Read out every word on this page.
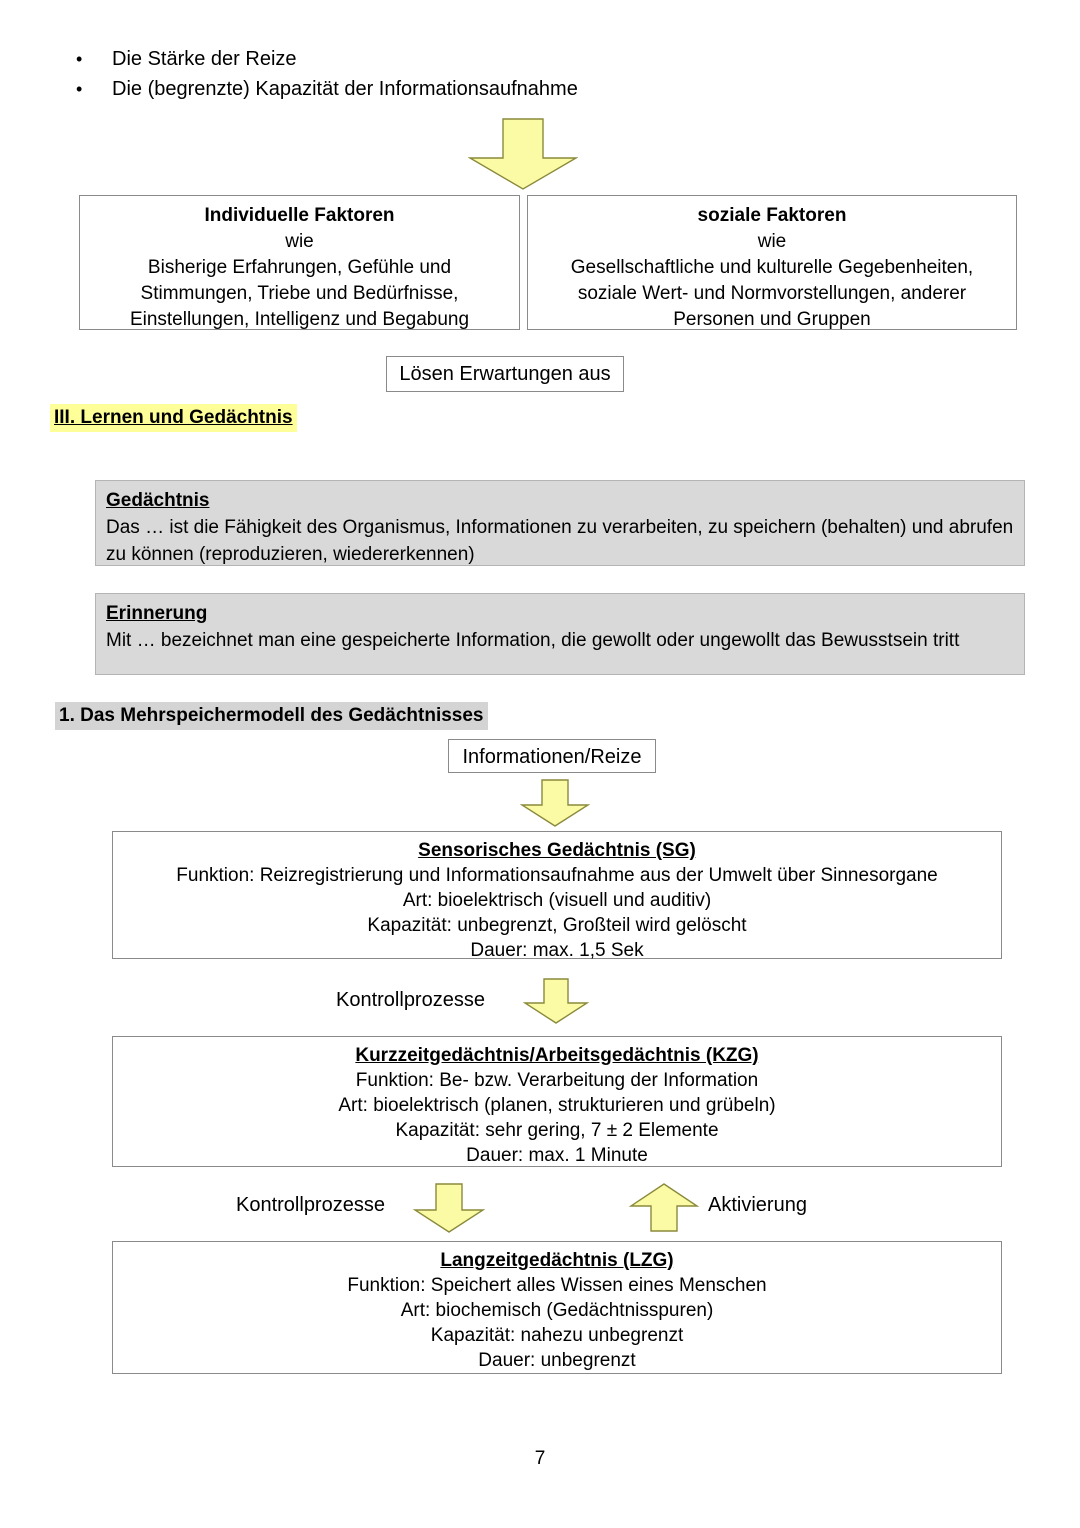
• Die Stärke der Reize
• Die (begrenzte) Kapazität der Informationsaufnahme
Individuelle Faktoren
wie
Bisherige Erfahrungen, Gefühle und
Stimmungen, Triebe und Bedürfnisse,
Einstellungen, Intelligenz und Begabung
soziale Faktoren
wie
Gesellschaftliche und kulturelle Gegebenheiten,
soziale Wert- und Normvorstellungen, anderer
Personen und Gruppen
Lösen Erwartungen aus
III. Lernen und Gedächtnis
Gedächtnis
Das … ist die Fähigkeit des Organismus, Informationen zu verarbeiten, zu speichern (behalten) und abrufen zu können (reproduzieren, wiedererkennen)
Erinnerung
Mit … bezeichnet man eine gespeicherte Information, die gewollt oder ungewollt das Bewusstsein tritt
1. Das Mehrspeichermodell des Gedächtnisses
Informationen/Reize
Sensorisches Gedächtnis (SG)
Funktion: Reizregistrierung und Informationsaufnahme aus der Umwelt über Sinnesorgane
Art: bioelektrisch (visuell und auditiv)
Kapazität: unbegrenzt, Großteil wird gelöscht
Dauer: max. 1,5 Sek
Kontrollprozesse
Kurzzeitgedächtnis/Arbeitsgedächtnis (KZG)
Funktion: Be- bzw. Verarbeitung der Information
Art: bioelektrisch (planen, strukturieren und grübeln)
Kapazität: sehr gering, 7 ± 2 Elemente
Dauer: max. 1 Minute
Kontrollprozesse	Aktivierung
Langzeitgedächtnis (LZG)
Funktion: Speichert alles Wissen eines Menschen
Art: biochemisch (Gedächtnisspuren)
Kapazität: nahezu unbegrenzt
Dauer: unbegrenzt
7
